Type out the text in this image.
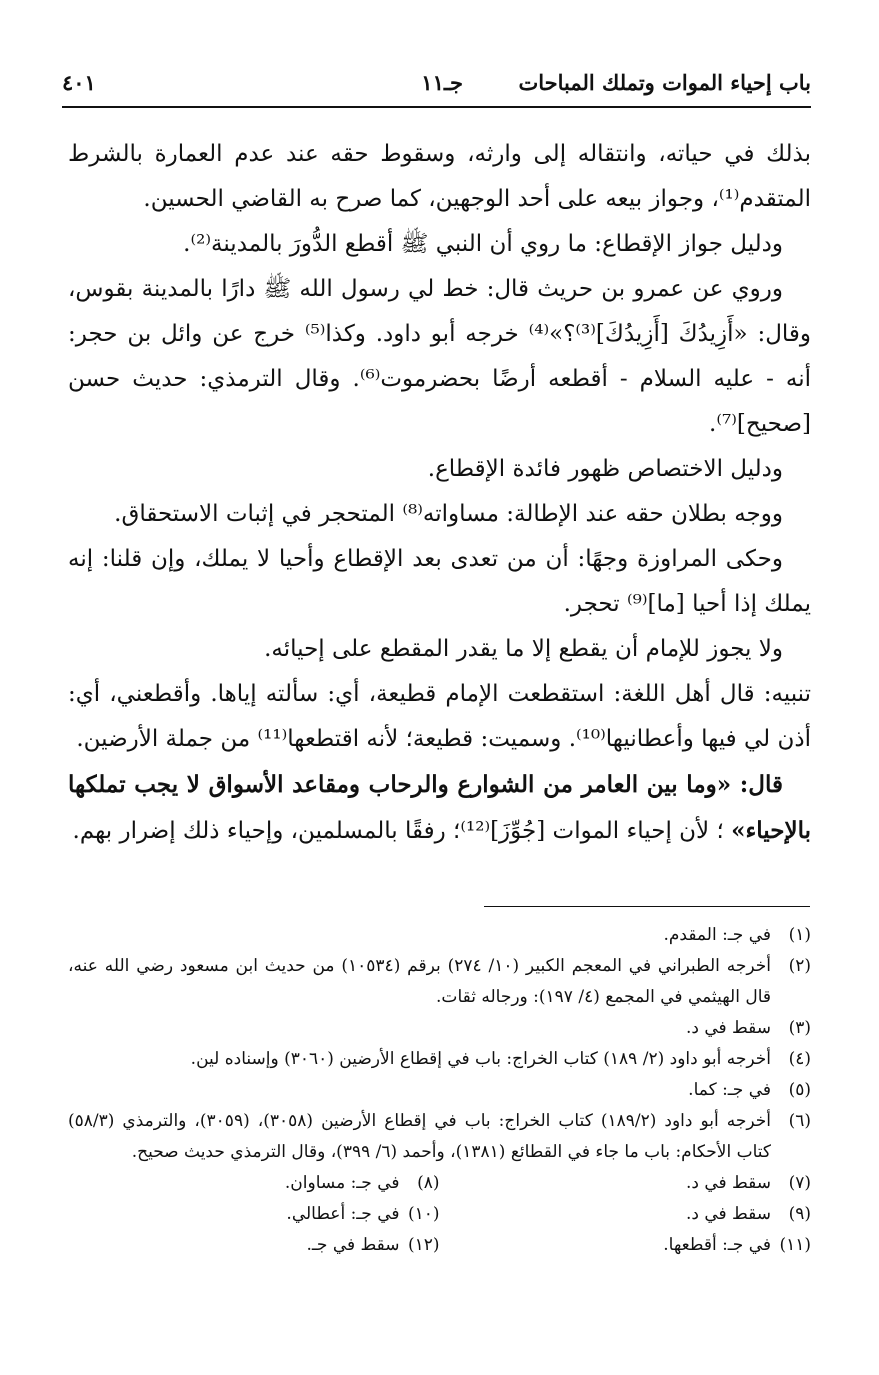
باب إحياء الموات وتملك المباحات
جـ١١
٤٠١

بذلك في حياته، وانتقاله إلى وارثه، وسقوط حقه عند عدم العمارة بالشرط المتقدم⁽¹⁾، وجواز بيعه على أحد الوجهين، كما صرح به القاضي الحسين.

ودليل جواز الإقطاع: ما روي أن النبي ﷺ أقطع الدُّورَ بالمدينة⁽²⁾.

وروي عن عمرو بن حريث قال: خط لي رسول الله ﷺ دارًا بالمدينة بقوس، وقال: «أَزِيدُكَ [أَزِيدُكَ]⁽³⁾؟»⁽⁴⁾ خرجه أبو داود. وكذا⁽⁵⁾ خرج عن وائل بن حجر: أنه - عليه السلام - أقطعه أرضًا بحضرموت⁽⁶⁾. وقال الترمذي: حديث حسن [صحيح]⁽⁷⁾.

ودليل الاختصاص ظهور فائدة الإقطاع.

ووجه بطلان حقه عند الإطالة: مساواته⁽⁸⁾ المتحجر في إثبات الاستحقاق.

وحكى المراوزة وجهًا: أن من تعدى بعد الإقطاع وأحيا لا يملك، وإن قلنا: إنه يملك إذا أحيا [ما]⁽⁹⁾ تحجر.

ولا يجوز للإمام أن يقطع إلا ما يقدر المقطع على إحيائه.

تنبيه: قال أهل اللغة: استقطعت الإمام قطيعة، أي: سألته إياها. وأقطعني، أي: أذن لي فيها وأعطانيها⁽¹⁰⁾. وسميت: قطيعة؛ لأنه اقتطعها⁽¹¹⁾ من جملة الأرضين.

قال: «وما بين العامر من الشوارع والرحاب ومقاعد الأسواق لا يجب تملكها بالإحياء» ؛ لأن إحياء الموات [جُوِّزَ]⁽¹²⁾؛ رفقًا بالمسلمين، وإحياء ذلك إضرار بهم.

(١)
في جـ: المقدم.
(٢)
أخرجه الطبراني في المعجم الكبير (١٠/ ٢٧٤) برقم (١٠٥٣٤) من حديث ابن مسعود رضي الله عنه، قال الهيثمي في المجمع (٤/ ١٩٧): ورجاله ثقات.
(٣)
سقط في د.
(٤)
أخرجه أبو داود (٢/ ١٨٩) كتاب الخراج: باب في إقطاع الأرضين (٣٠٦٠) وإسناده لين.
(٥)
في جـ: كما.
(٦)
أخرجه أبو داود (١٨٩/٢) كتاب الخراج: باب في إقطاع الأرضين (٣٠٥٨)، (٣٠٥٩)، والترمذي (٥٨/٣) كتاب الأحكام: باب ما جاء في القطائع (١٣٨١)، وأحمد (٦/ ٣٩٩)، وقال الترمذي حديث صحيح.
(٧)
سقط في د.
(٨)
في جـ: مساوان.
(٩)
سقط في د.
(١٠)
في جـ: أعطالي.
(١١)
في جـ: أقطعها.
(١٢)
سقط في جـ.
